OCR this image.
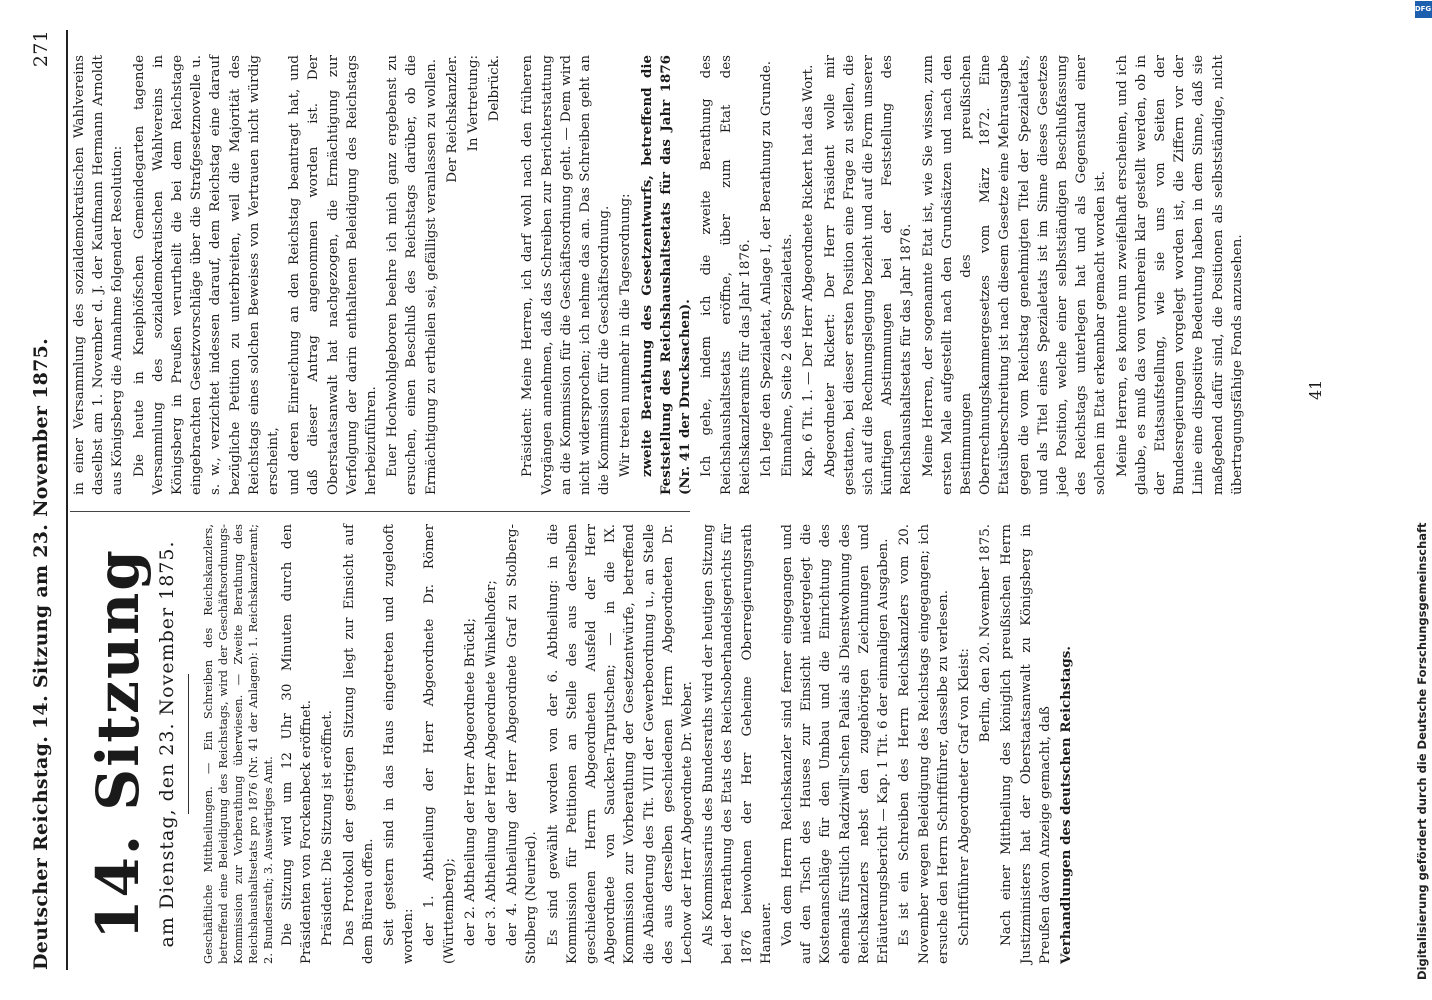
Deutscher Reichstag. 14. Sitzung am 23. November 1875.
271
14. Sitzung am Dienstag, den 23. November 1875. Geschäftliche Mittheilungen. — Ein Schreiben des Reichskanzlers, betreffend eine Beleidigung des Reichstags, wird der Geschäftsordnungs-Kommission zur Vorberathung überwiesen. — Zweite Berathung des Reichshaushaltsetats pro 1876 (Nr. 41 der Anlagen): 1. Reichskanzleramt; 2. Bundesrath; 3. Auswärtiges Amt. Die Sitzung wird um 12 Uhr 30 Minuten durch den Präsidenten von Forckenbeck eröffnet. Präsident: Die Sitzung ist eröffnet. Das Protokoll der gestrigen Sitzung liegt zur Einsicht auf dem Büreau offen. Seit gestern sind in das Haus eingetreten und zugelooft worden: der 1. Abtheilung der Herr Abgeordnete Dr. Römer (Württemberg); der 2. Abtheilung der Herr Abgeordnete Brückl; der 3. Abtheilung der Herr Abgeordnete Winkelhofer; der 4. Abtheilung der Herr Abgeordnete Graf zu Stolberg-Stolberg (Neuried). Es sind gewählt worden von der 6. Abtheilung: in die Kommission für Petitionen an Stelle des aus derselben geschiedenen Herrn Abgeordneten Ausfeld der Herr Abgeordnete von Saucken-Tarputschen; — in die IX. Kommission zur Vorberathung der Gesetzentwürfe, betreffend die Abänderung des Tit. VIII der Gewerbeordnung u., an Stelle des aus derselben geschiedenen Herrn Abgeordneten Dr. Lechow der Herr Abgeordnete Dr. Weber. Als Kommissarius des Bundesraths wird der heutigen Sitzung bei der Berathung des Etats des Reichsoberhandelsgerichts für 1876 beiwohnen der Herr Geheime Oberregierungsrath Hanauer. Von dem Herrn Reichskanzler sind ferner eingegangen und auf den Tisch des Hauses zur Einsicht niedergelegt die Kostenanschläge für den Umbau und die Einrichtung des ehemals fürstlich Radziwill'schen Palais als Dienstwohnung des Reichskanzlers nebst den zugehörigen Zeichnungen und Erläuterungsbericht — Kap. 1 Tit. 6 der einmaligen Ausgaben. Es ist ein Schreiben des Herrn Reichskanzlers vom 20. November wegen Beleidigung des Reichstags eingegangen; ich ersuche den Herrn Schriftführer, dasselbe zu verlesen. Schriftführer Abgeordneter Graf von Kleist:

Berlin, den 20. November 1875. Nach einer Mittheilung des königlich preußischen Herrn Justizministers hat der Oberstaatsanwalt zu Königsberg in Preußen davon Anzeige gemacht, daß Verhandlungen des deutschen Reichstags.

in einer Versammlung des sozialdemokratischen Wahlvereins daselbst am 1. November d. J. der Kaufmann Hermann Arnoldt aus Königsberg die Annahme folgender Resolution: Die heute in Kneiphöfschen Gemeindegarten tagende Versammlung des sozialdemokratischen Wahlvereins in Königsberg in Preußen verurtheilt die bei dem Reichstage eingebrachten Gesetzvorschläge über die Strafgesetznovelle u. s. w., verzichtet indessen darauf, dem Reichstag eine darauf bezügliche Petition zu unterbreiten, weil die Majorität des Reichstags eines solchen Beweises von Vertrauen nicht würdig erscheint, und deren Einreichung an den Reichstag beantragt hat, und daß dieser Antrag angenommen worden ist. Der Oberstaatsanwalt hat nachgezogen, die Ermächtigung zur Verfolgung der darin enthaltenen Beleidigung des Reichstags herbeizuführen. Euer Hochwohlgeboren beehre ich mich ganz ergebenst zu ersuchen, einen Beschluß des Reichstags darüber, ob die Ermächtigung zu ertheilen sei, gefälligst veranlassen zu wollen. Der Reichskanzler. In Vertretung: Delbrück. Präsident: Meine Herren, ich darf wohl nach den früheren Vorgängen annehmen, daß das Schreiben zur Berichterstattung an die Kommission für die Geschäftsordnung geht. — Dem wird nicht widersprochen; ich nehme das an. Das Schreiben geht an die Kommission für die Geschäftsordnung. Wir treten nunmehr in die Tagesordnung: zweite Berathung des Gesetzentwurfs, betreffend die Feststellung des Reichshaushaltsetats für das Jahr 1876 (Nr. 41 der Drucksachen). Ich gehe, indem ich die zweite Berathung des Reichshaushaltsetats eröffne, über zum Etat des Reichskanzleramts für das Jahr 1876. Ich lege den Spezialetat, Anlage I, der Berathung zu Grunde. Einnahme, Seite 2 des Spezialetats. Kap. 6 Tit. 1. — Der Herr Abgeordnete Rickert hat das Wort. Abgeordneter Rickert: Der Herr Präsident wolle mir gestatten, bei dieser ersten Position eine Frage zu stellen, die sich auf die Rechnungslegung bezieht und auf die Form unserer künftigen Abstimmungen bei der Feststellung des Reichshaushaltsetats für das Jahr 1876. Meine Herren, der sogenannte Etat ist, wie Sie wissen, zum ersten Male aufgestellt nach den Grundsätzen und nach den Bestimmungen des preußischen Oberrechnungskammergesetzes vom März 1872. Eine Etatsüberschreitung ist nach diesem Gesetze eine Mehrausgabe gegen die vom Reichstag genehmigten Titel der Spezialetats, und als Titel eines Spezialetats ist im Sinne dieses Gesetzes jede Position, welche einer selbstständigen Beschlußfassung des Reichstags unterlegen hat und als Gegenstand einer solchen im Etat erkennbar gemacht worden ist. Meine Herren, es konnte nun zweifelhaft erscheinen, und ich glaube, es muß das von vornherein klar gestellt werden, ob in der Etatsaufstellung, wie sie uns von Seiten der Bundesregierungen vorgelegt worden ist, die Ziffern vor der Linie eine dispositive Bedeutung haben in dem Sinne, daß sie maßgebend dafür sind, die Positionen als selbstständige, nicht übertragungsfähige Fonds anzusehen.	41
Digitalisierung gefördert durch die Deutsche Forschungsgemeinschaft
DFG
